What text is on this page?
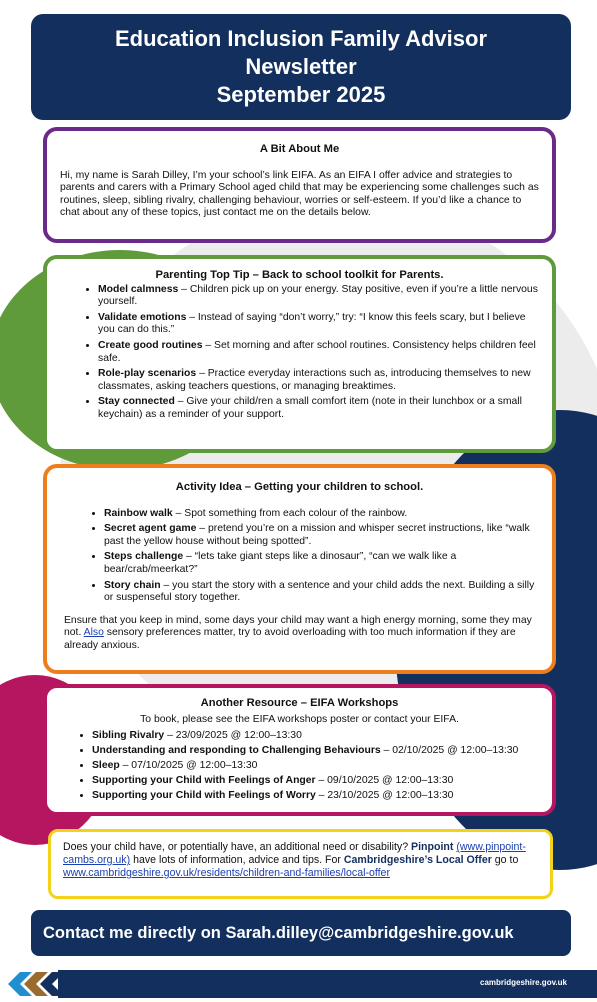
Education Inclusion Family Advisor
Newsletter
September 2025
A Bit About Me

Hi, my name is Sarah Dilley, I’m your school’s link EIFA. As an EIFA I offer advice and strategies to parents and carers with a Primary School aged child that may be experiencing some challenges such as routines, sleep, sibling rivalry, challenging behaviour, worries or self-esteem. If you’d like a chance to chat about any of these topics, just contact me on the details below.

Parenting Top Tip – Back to school toolkit for Parents.
• Model calmness – Children pick up on your energy. Stay positive, even if you’re a little nervous yourself.
• Validate emotions – Instead of saying “don’t worry,” try: “I know this feels scary, but I believe you can do this.”
• Create good routines – Set morning and after school routines. Consistency helps children feel safe.
• Role-play scenarios – Practice everyday interactions such as, introducing themselves to new classmates, asking teachers questions, or managing breaktimes.
• Stay connected – Give your child/ren a small comfort item (note in their lunchbox or a small keychain) as a reminder of your support.
Activity Idea – Getting your children to school.
• Rainbow walk – Spot something from each colour of the rainbow.
• Secret agent game – pretend you’re on a mission and whisper secret instructions, like “walk past the yellow house without being spotted”.
• Steps challenge – “lets take giant steps like a dinosaur”, “can we walk like a bear/crab/meerkat?”
• Story chain – you start the story with a sentence and your child adds the next. Building a silly or suspenseful story together.

Ensure that you keep in mind, some days your child may want a high energy morning, some they may not. Also sensory preferences matter, try to avoid overloading with too much information if they are already anxious.

Another Resource – EIFA Workshops

To book, please see the EIFA workshops poster or contact your EIFA.

• Sibling Rivalry – 23/09/2025 @ 12:00–13:30
• Understanding and responding to Challenging Behaviours – 02/10/2025 @ 12:00–13:30
• Sleep – 07/10/2025 @ 12:00–13:30
• Supporting your Child with Feelings of Anger – 09/10/2025 @ 12:00–13:30
• Supporting your Child with Feelings of Worry – 23/10/2025 @ 12:00–13:30
Does your child have, or potentially have, an additional need or disability? Pinpoint (www.pinpoint-cambs.org.uk) have lots of information, advice and tips. For Cambridgeshire’s Local Offer go to www.cambridgeshire.gov.uk/residents/children-and-families/local-offer
Contact me directly on Sarah.dilley@cambridgeshire.gov.uk
cambridgeshire.gov.uk
